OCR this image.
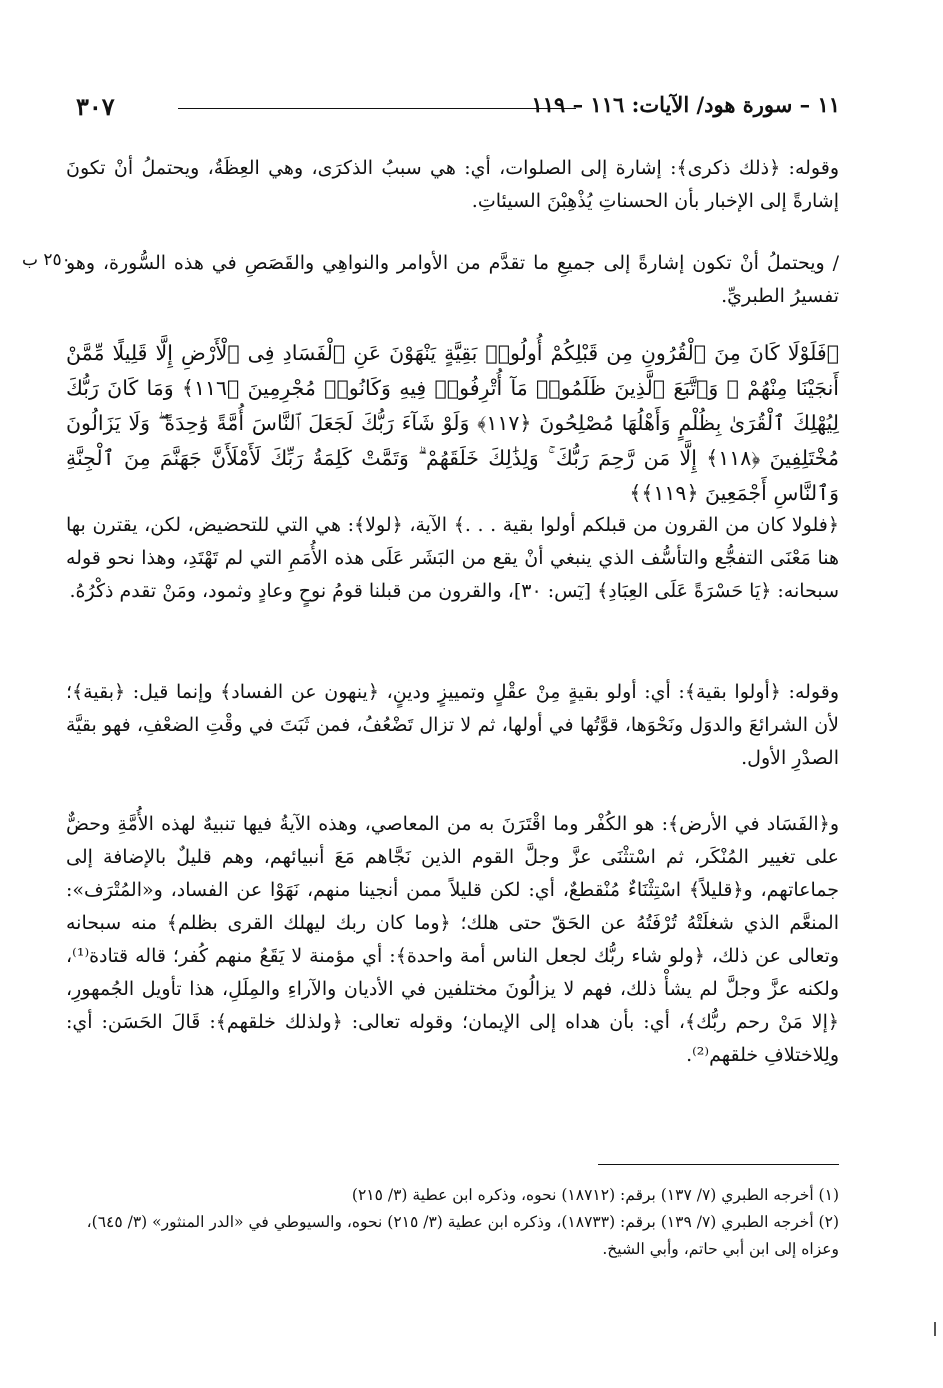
٣٠٧	١١ – سورة هود/ الآيات: ١١٦ – ١١٩
٢٥٠ ب
وقوله: ﴿ذلك ذكرى﴾: إشارة إلى الصلوات، أي: هي سببُ الذكرَى، وهي العِظَةُ، ويحتملُ أنْ تكونَ إشارةً إلى الإخبار بأن الحسناتِ يُذْهِبْنَ السيئاتِ.
/ ويحتملُ أنْ تكون إشارةً إلى جميعِ ما تقدَّم من الأوامر والنواهِي والقَصَصِ في هذه السُّورة، وهو تفسيرُ الطبريِّ.
﴿فَلَوْلَا كَانَ مِنَ ٱلْقُرُونِ مِن قَبْلِكُمْ أُولُوا۟ بَقِيَّةٍ يَنْهَوْنَ عَنِ ٱلْفَسَادِ فِى ٱلْأَرْضِ إِلَّا قَلِيلًا مِّمَّنْ أَنجَيْنَا مِنْهُمْ ۗ وَٱتَّبَعَ ٱلَّذِينَ ظَلَمُوا۟ مَآ أُتْرِفُوا۟ فِيهِ وَكَانُوا۟ مُجْرِمِينَ ﴿١١٦﴾ وَمَا كَانَ رَبُّكَ لِيُهْلِكَ ٱلْقُرَىٰ بِظُلْمٍ وَأَهْلُهَا مُصْلِحُونَ ﴿١١٧﴾ وَلَوْ شَآءَ رَبُّكَ لَجَعَلَ ٱلنَّاسَ أُمَّةً وَٰحِدَةً ۖ وَلَا يَزَالُونَ مُخْتَلِفِينَ ﴿١١٨﴾ إِلَّا مَن رَّحِمَ رَبُّكَ ۚ وَلِذَٰلِكَ خَلَقَهُمْ ۗ وَتَمَّتْ كَلِمَةُ رَبِّكَ لَأَمْلَأَنَّ جَهَنَّمَ مِنَ ٱلْجِنَّةِ وَٱلنَّاسِ أَجْمَعِينَ ﴿١١٩﴾﴾
﴿فلولا كان من القرون من قبلكم أولوا بقية . . .﴾ الآية، ﴿لولا﴾: هي التي للتحضيض، لكن، يقترن بها هنا مَعْنَى التفجُّع والتأسُّف الذي ينبغي أنْ يقع من البَشَر عَلَى هذه الأُمَمِ التي لم تَهْتَدِ، وهذا نحو قوله سبحانه: ﴿يَا حَسْرَةً عَلَى العِبَادِ﴾ [يٓس: ٣٠]، والقرون من قبلنا قومُ نوحٍ وعادٍ وثمود، ومَنْ تقدم ذكْرُهُ.
وقوله: ﴿أولوا بقية﴾: أي: أولو بقيةٍ مِنْ عقْلٍ وتمييزٍ ودينٍ، ﴿ينهون عن الفساد﴾ وإنما قيل: ﴿بقية﴾؛ لأن الشرائعَ والدوَل ونَحْوَها، قوَّتُها في أولها، ثم لا تزال تَضْعُفُ، فمن ثَبَتَ في وقْتِ الضعْفِ، فهو بقيَّة الصدْرِ الأول.
و﴿الفَسَاد في الأرض﴾: هو الكُفْر وما اقْتَرَنَ به من المعاصي، وهذه الآيةُ فيها تنبيهٌ لهذه الأُمَّةِ وحضٌّ على تغيير المُنْكَر، ثم اسْتثْنَى عزَّ وجلَّ القوم الذين نَجَّاهم مَعَ أنبيائهم، وهم قليلٌ بالإضافة إلى جماعاتهم، و﴿قليلاً﴾ اسْتِثْنَاءٌ مُنْقطعٌ، أي: لكن قليلاً ممن أنجينا منهم، نَهَوْا عن الفساد، و«المُتْرَف»: المنعَّم الذي شغلَتْهُ تُرْفَتُهُ عن الحَقّ حتى هلك؛ ﴿وما كان ربك ليهلك القرى بظلم﴾ منه سبحانه وتعالى عن ذلك، ﴿ولو شاء ربُّك لجعل الناس أمة واحدة﴾: أي مؤمنة لا يَقَعُ منهم كُفر؛ قاله قتادة⁽¹⁾، ولكنه عزَّ وجلَّ لم يشأْ ذلك، فهم لا يزالُونَ مختلفين في الأديان والآراءِ والمِلَلِ، هذا تأويل الجُمهورِ، ﴿إلا مَنْ رحم ربُّك﴾، أي: بأن هداه إلى الإيمان؛ وقوله تعالى: ﴿ولذلك خلقهم﴾: قَالَ الحَسَن: أي: ولِلاختلافِ خلقهم⁽²⁾.
(١) أخرجه الطبري (٧/ ١٣٧) برقم: (١٨٧١٢) نحوه، وذكره ابن عطية (٣/ ٢١٥)
(٢) أخرجه الطبري (٧/ ١٣٩) برقم: (١٨٧٣٣)، وذكره ابن عطية (٣/ ٢١٥) نحوه، والسيوطي في «الدر المنثور» (٣/ ٦٤٥)، وعزاه إلى ابن أبي حاتم، وأبي الشيخ.
